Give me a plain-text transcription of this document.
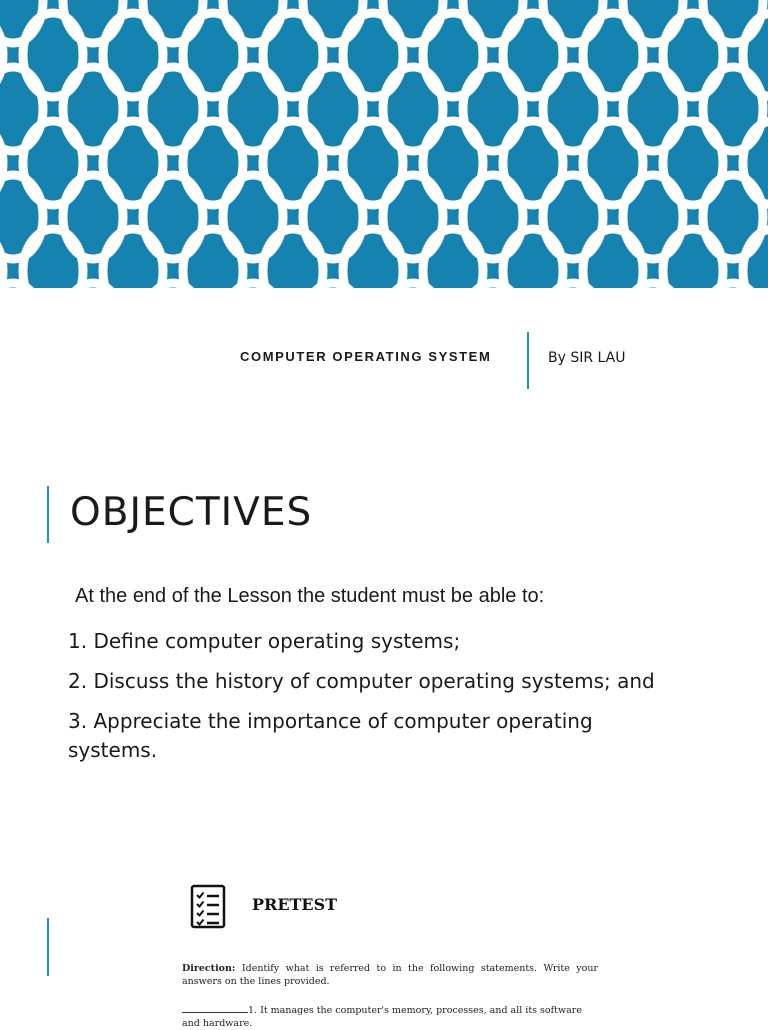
COMPUTER OPERATING SYSTEM	By SIR LAU
OBJECTIVES
At the end of the Lesson the student must be able to:
1. Define computer operating systems;
2. Discuss the history of computer operating systems; and
3. Appreciate the importance of computer operating systems.
PRETEST
Direction: Identify what is referred to in the following statements. Write your answers on the lines provided.
1. It manages the computer's memory, processes, and all its software and hardware.
